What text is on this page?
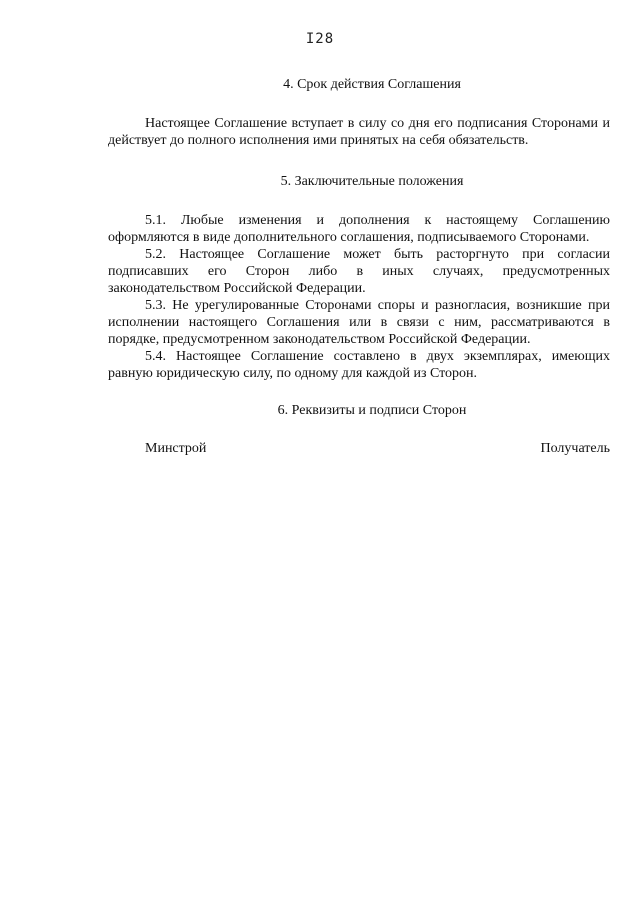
I28
4. Срок действия Соглашения

Настоящее Соглашение вступает в силу со дня его подписания Сторонами и действует до полного исполнения ими принятых на себя обязательств.

5. Заключительные положения

5.1. Любые изменения и дополнения к настоящему Соглашению оформляются в виде дополнительного соглашения, подписываемого Сторонами.

5.2. Настоящее Соглашение может быть расторгнуто при согласии подписавших его Сторон либо в иных случаях, предусмотренных законодательством Российской Федерации.

5.3. Не урегулированные Сторонами споры и разногласия, возникшие при исполнении настоящего Соглашения или в связи с ним, рассматриваются в порядке, предусмотренном законодательством Российской Федерации.

5.4. Настоящее Соглашение составлено в двух экземплярах, имеющих равную юридическую силу, по одному для каждой из Сторон.

6. Реквизиты и подписи Сторон
Минстрой	Получатель
